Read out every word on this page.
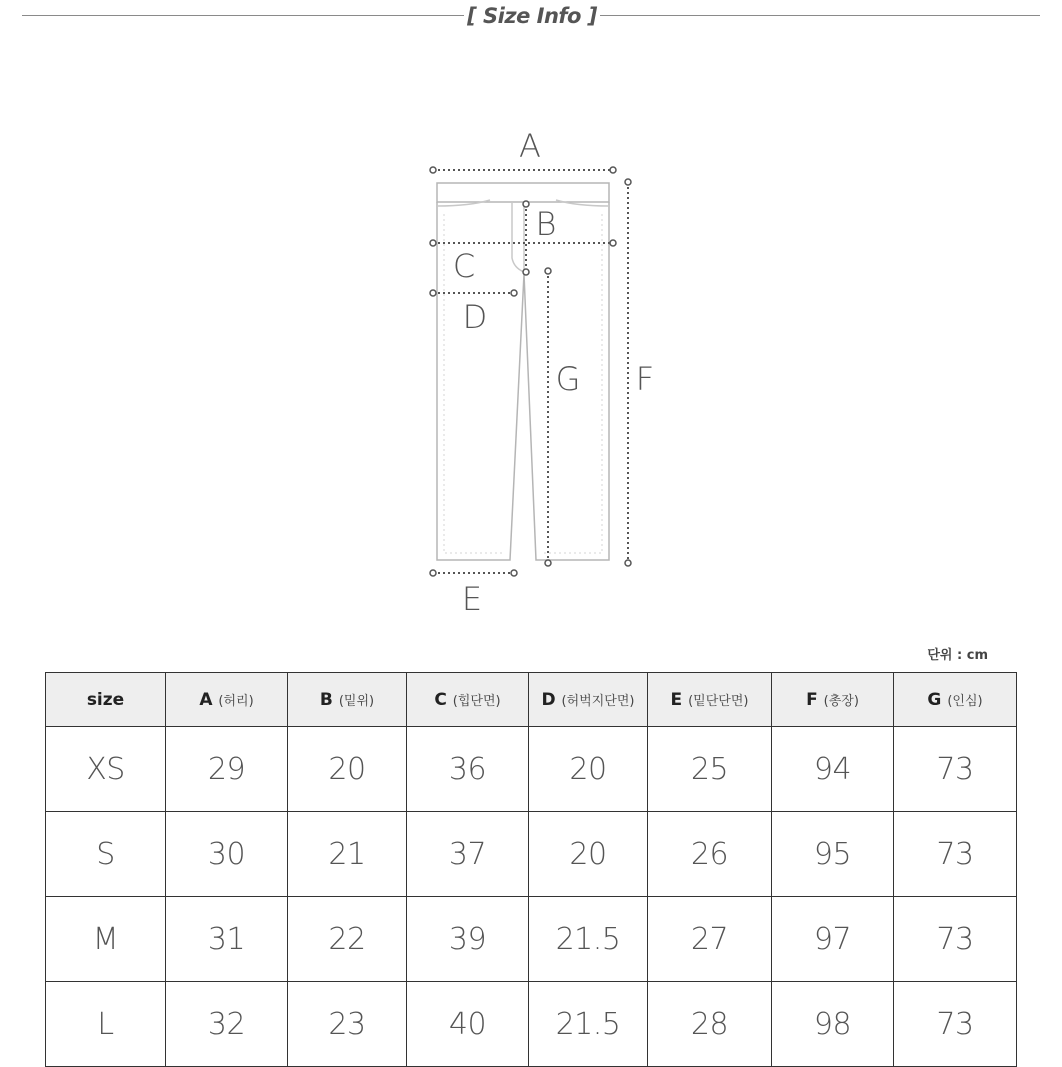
[ Size Info ]
A
B
C
D
E
F
G
단위 : cm
size	A (허리)	B (밑위)	C (힙단면)	D (허벅지단면)	E (밑단단면)	F (총장)	G (인심)
XS	29	20	36	20	25	94	73
S	30	21	37	20	26	95	73
M	31	22	39	21.5	27	97	73
L	32	23	40	21.5	28	98	73
